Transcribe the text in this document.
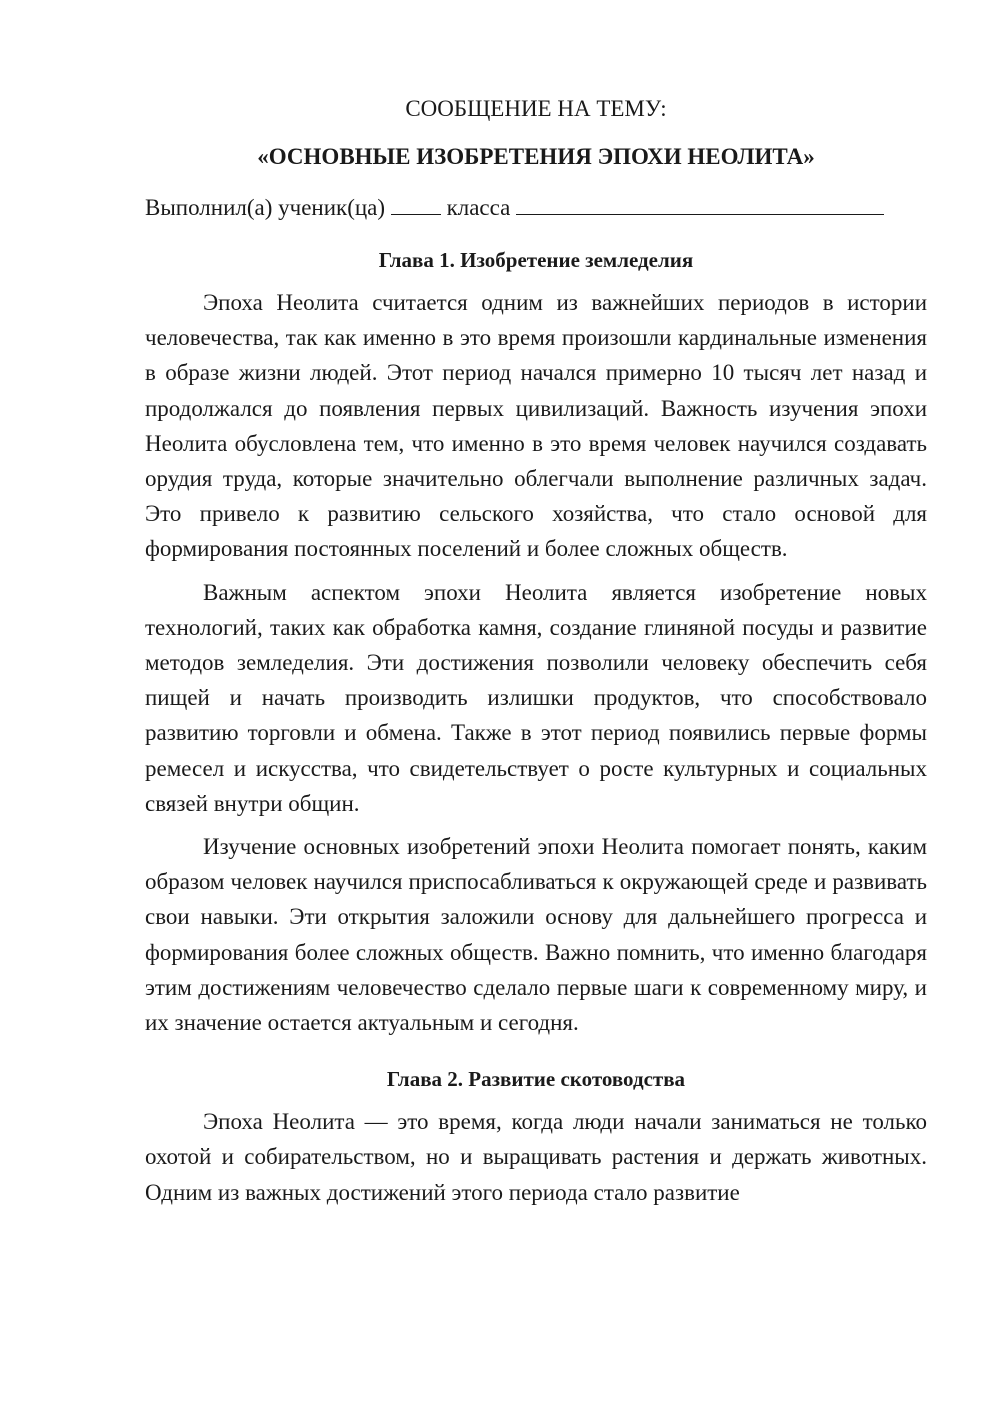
СООБЩЕНИЕ НА ТЕМУ:

«ОСНОВНЫЕ ИЗОБРЕТЕНИЯ ЭПОХИ НЕОЛИТА»

Выполнил(а) ученик(ца)	класса

Глава 1. Изобретение земледелия

Эпоха Неолита считается одним из важнейших периодов в истории человечества, так как именно в это время произошли кардинальные изменения в образе жизни людей. Этот период начался примерно 10 тысяч лет назад и продолжался до появления первых цивилизаций. Важность изучения эпохи Неолита обусловлена тем, что именно в это время человек научился создавать орудия труда, которые значительно облегчали выполнение различных задач. Это привело к развитию сельского хозяйства, что стало основой для формирования постоянных поселений и более сложных обществ.

Важным аспектом эпохи Неолита является изобретение новых технологий, таких как обработка камня, создание глиняной посуды и развитие методов земледелия. Эти достижения позволили человеку обеспечить себя пищей и начать производить излишки продуктов, что способствовало развитию торговли и обмена. Также в этот период появились первые формы ремесел и искусства, что свидетельствует о росте культурных и социальных связей внутри общин.

Изучение основных изобретений эпохи Неолита помогает понять, каким образом человек научился приспосабливаться к окружающей среде и развивать свои навыки. Эти открытия заложили основу для дальнейшего прогресса и формирования более сложных обществ. Важно помнить, что именно благодаря этим достижениям человечество сделало первые шаги к современному миру, и их значение остается актуальным и сегодня.

Глава 2. Развитие скотоводства

Эпоха Неолита — это время, когда люди начали заниматься не только охотой и собирательством, но и выращивать растения и держать животных. Одним из важных достижений этого периода стало развитие
